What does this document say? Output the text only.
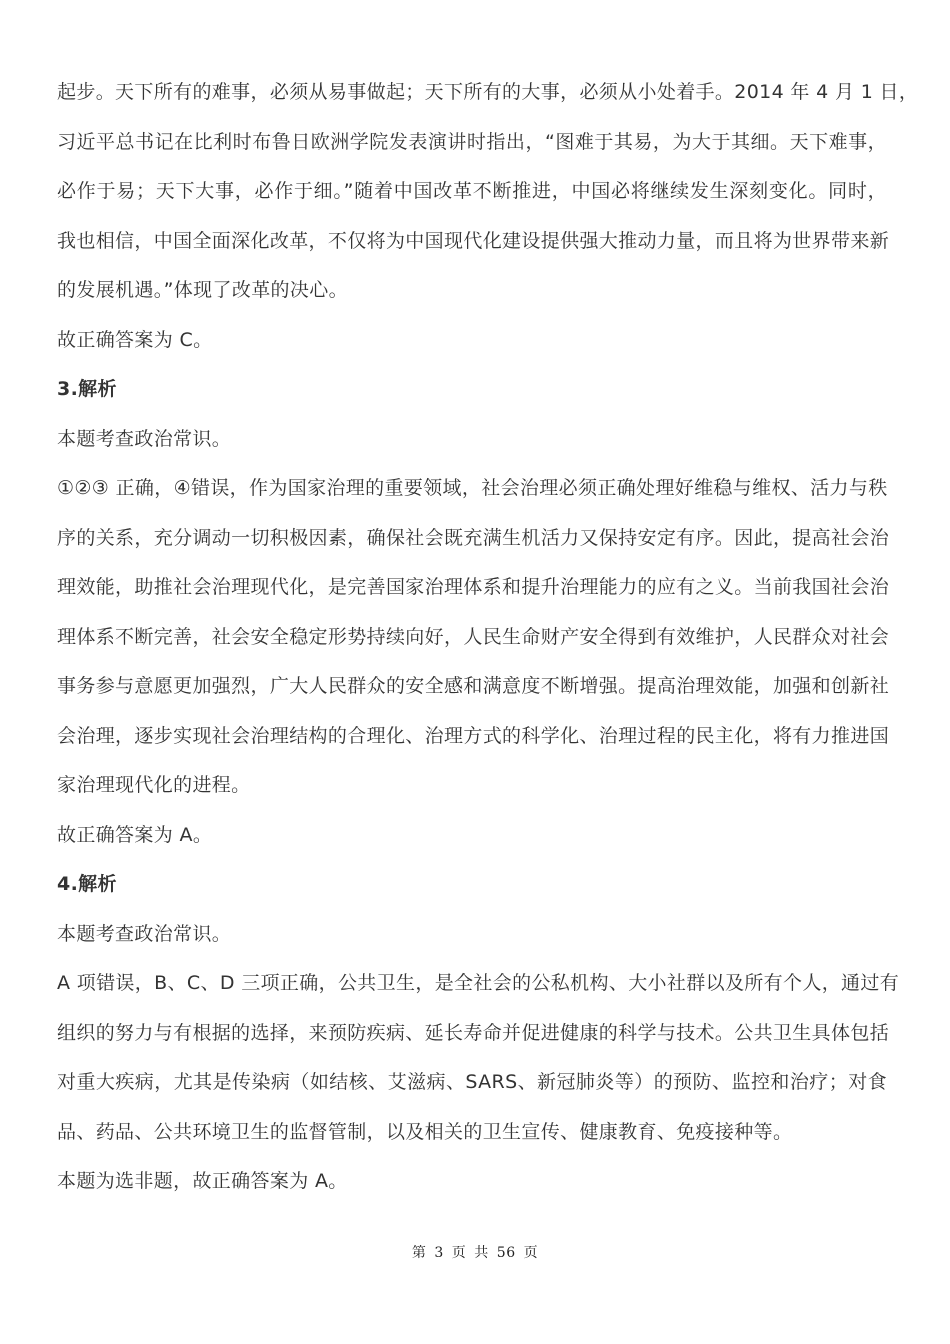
起步。天下所有的难事，必须从易事做起；天下所有的大事，必须从小处着手。2014 年 4 月 1 日，
习近平总书记在比利时布鲁日欧洲学院发表演讲时指出，“图难于其易，为大于其细。天下难事，
必作于易；天下大事，必作于细。”随着中国改革不断推进，中国必将继续发生深刻变化。同时，
我也相信，中国全面深化改革，不仅将为中国现代化建设提供强大推动力量，而且将为世界带来新
的发展机遇。”体现了改革的决心。
故正确答案为 C。
3.解析
本题考查政治常识。
①②③ 正确，④错误，作为国家治理的重要领域，社会治理必须正确处理好维稳与维权、活力与秩
序的关系，充分调动一切积极因素，确保社会既充满生机活力又保持安定有序。因此，提高社会治
理效能，助推社会治理现代化，是完善国家治理体系和提升治理能力的应有之义。当前我国社会治
理体系不断完善，社会安全稳定形势持续向好，人民生命财产安全得到有效维护，人民群众对社会
事务参与意愿更加强烈，广大人民群众的安全感和满意度不断增强。提高治理效能，加强和创新社
会治理，逐步实现社会治理结构的合理化、治理方式的科学化、治理过程的民主化，将有力推进国
家治理现代化的进程。
故正确答案为 A。
4.解析
本题考查政治常识。
A 项错误，B、C、D 三项正确，公共卫生，是全社会的公私机构、大小社群以及所有个人，通过有
组织的努力与有根据的选择，来预防疾病、延长寿命并促进健康的科学与技术。公共卫生具体包括
对重大疾病，尤其是传染病（如结核、艾滋病、SARS、新冠肺炎等）的预防、监控和治疗；对食
品、药品、公共环境卫生的监督管制，以及相关的卫生宣传、健康教育、免疫接种等。
本题为选非题，故正确答案为 A。
第 3 页 共 56 页
